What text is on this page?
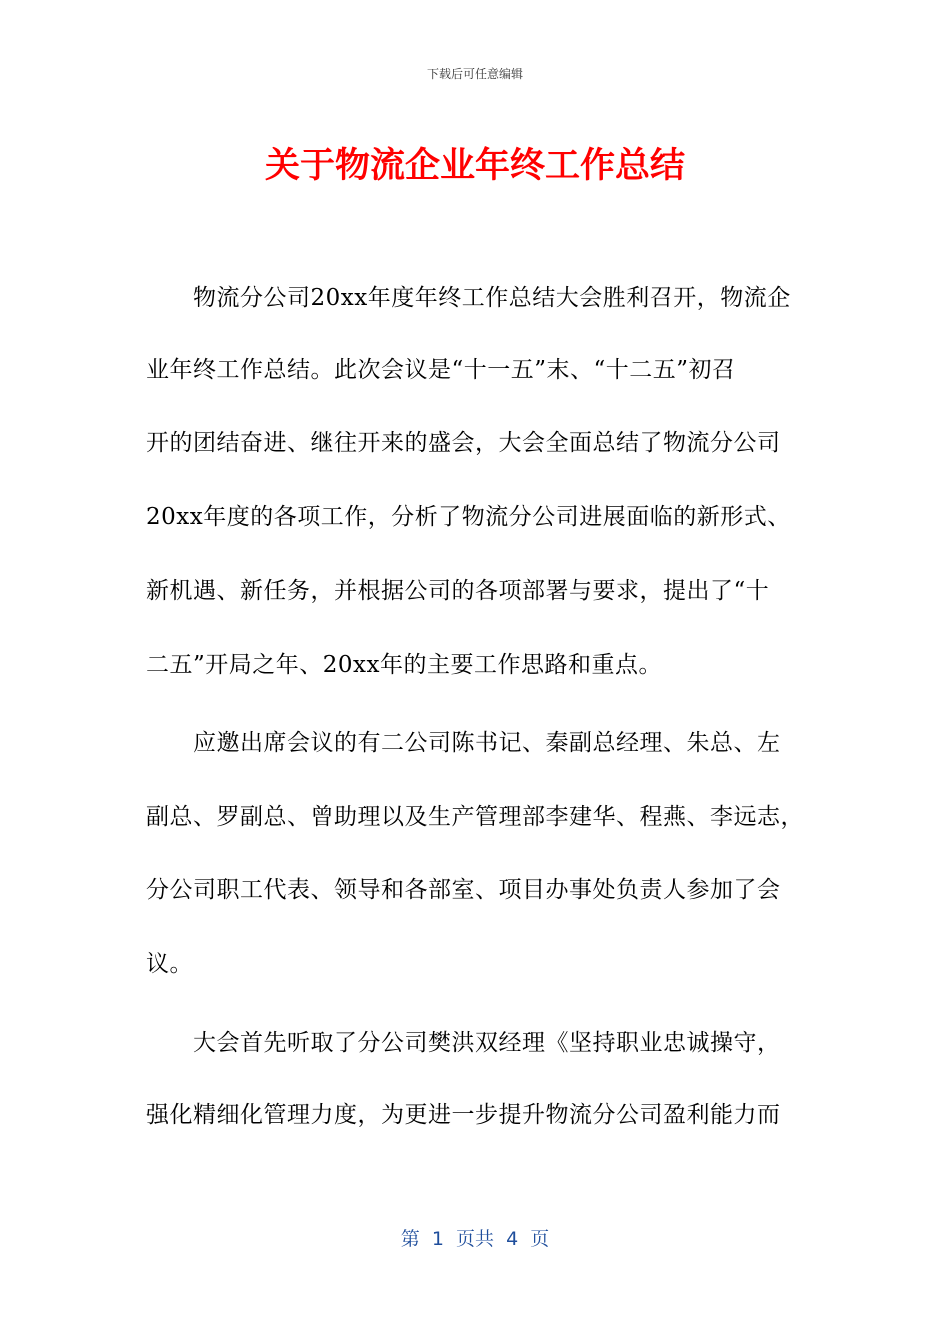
下载后可任意编辑
关于物流企业年终工作总结
物流分公司20xx年度年终工作总结大会胜利召开，物流企
业年终工作总结。此次会议是“十一五”末、“十二五”初召
开的团结奋进、继往开来的盛会，大会全面总结了物流分公司
20xx年度的各项工作，分析了物流分公司进展面临的新形式、
新机遇、新任务，并根据公司的各项部署与要求，提出了“十
二五”开局之年、20xx年的主要工作思路和重点。
应邀出席会议的有二公司陈书记、秦副总经理、朱总、左
副总、罗副总、曾助理以及生产管理部李建华、程燕、李远志，
分公司职工代表、领导和各部室、项目办事处负责人参加了会
议。
大会首先听取了分公司樊洪双经理《坚持职业忠诚操守，
强化精细化管理力度，为更进一步提升物流分公司盈利能力而
第  1  页共  4  页
